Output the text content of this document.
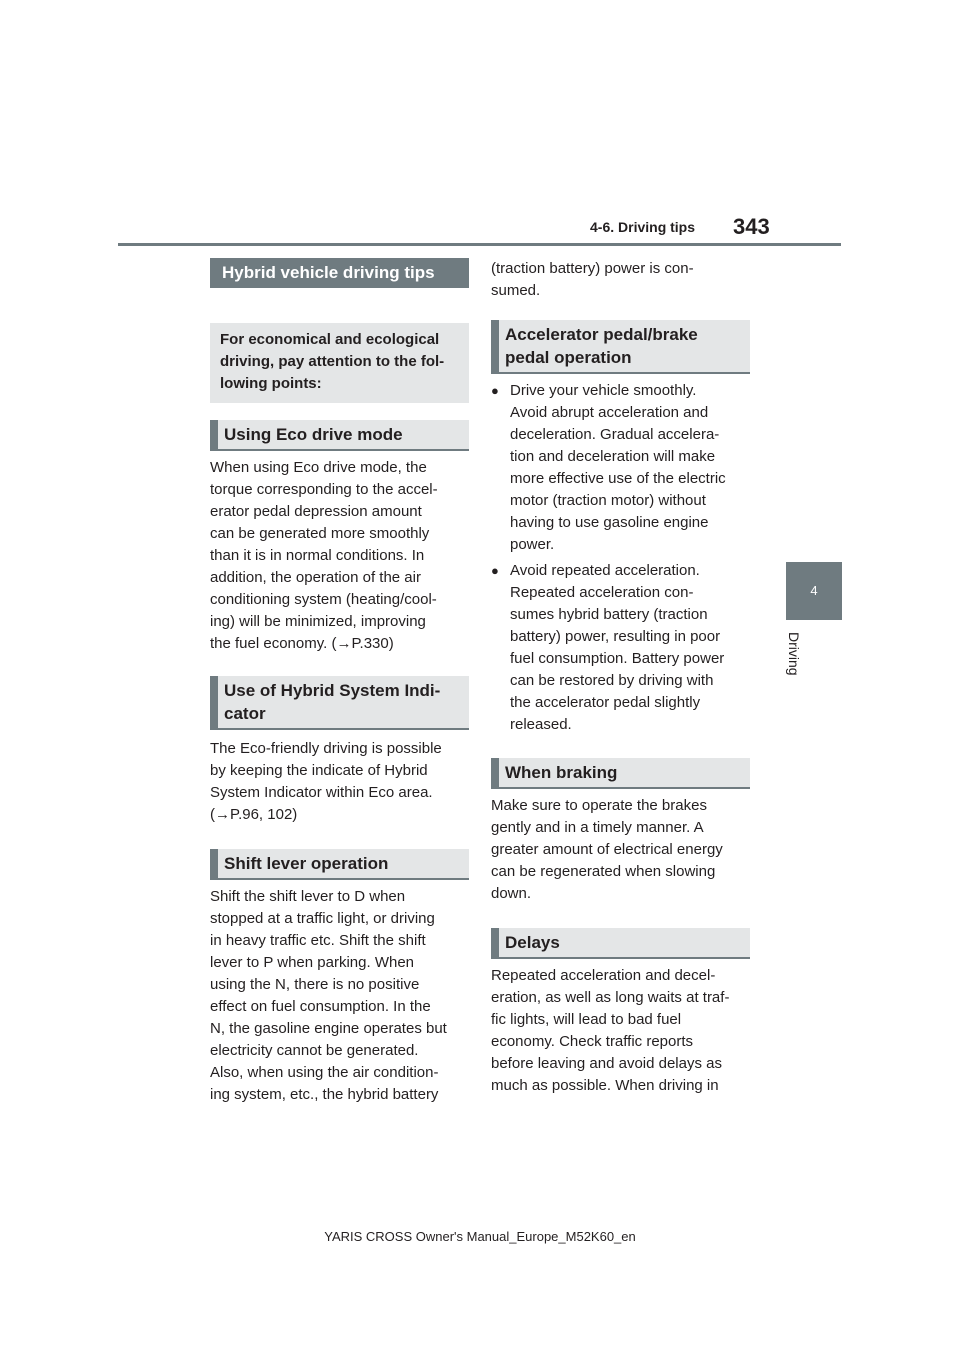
4-6. Driving tips 343
4
Driving
Hybrid vehicle driving tips
For economical and ecological driving, pay attention to the fol-lowing points:
Using Eco drive mode
When using Eco drive mode, the
torque corresponding to the accel-
erator pedal depression amount
can be generated more smoothly
than it is in normal conditions. In
addition, the operation of the air
conditioning system (heating/cool-
ing) will be minimized, improving
the fuel economy. (→P.330)
Use of Hybrid System Indi-cator
The Eco-friendly driving is possible
by keeping the indicate of Hybrid
System Indicator within Eco area.
(→P.96, 102)
Shift lever operation
Shift the shift lever to D when
stopped at a traffic light, or driving
in heavy traffic etc. Shift the shift
lever to P when parking. When
using the N, there is no positive
effect on fuel consumption. In the
N, the gasoline engine operates but
electricity cannot be generated.
Also, when using the air condition-
ing system, etc., the hybrid battery
(traction battery) power is con-
sumed.
Accelerator pedal/brake pedal operation
● Drive your vehicle smoothly.
Avoid abrupt acceleration and
deceleration. Gradual accelera-
tion and deceleration will make
more effective use of the electric
motor (traction motor) without
having to use gasoline engine
power.
● Avoid repeated acceleration.
Repeated acceleration con-
sumes hybrid battery (traction
battery) power, resulting in poor
fuel consumption. Battery power
can be restored by driving with
the accelerator pedal slightly
released.
When braking
Make sure to operate the brakes
gently and in a timely manner. A
greater amount of electrical energy
can be regenerated when slowing
down.
Delays
Repeated acceleration and decel-
eration, as well as long waits at traf-
fic lights, will lead to bad fuel
economy. Check traffic reports
before leaving and avoid delays as
much as possible. When driving in
YARIS CROSS Owner's Manual_Europe_M52K60_en
